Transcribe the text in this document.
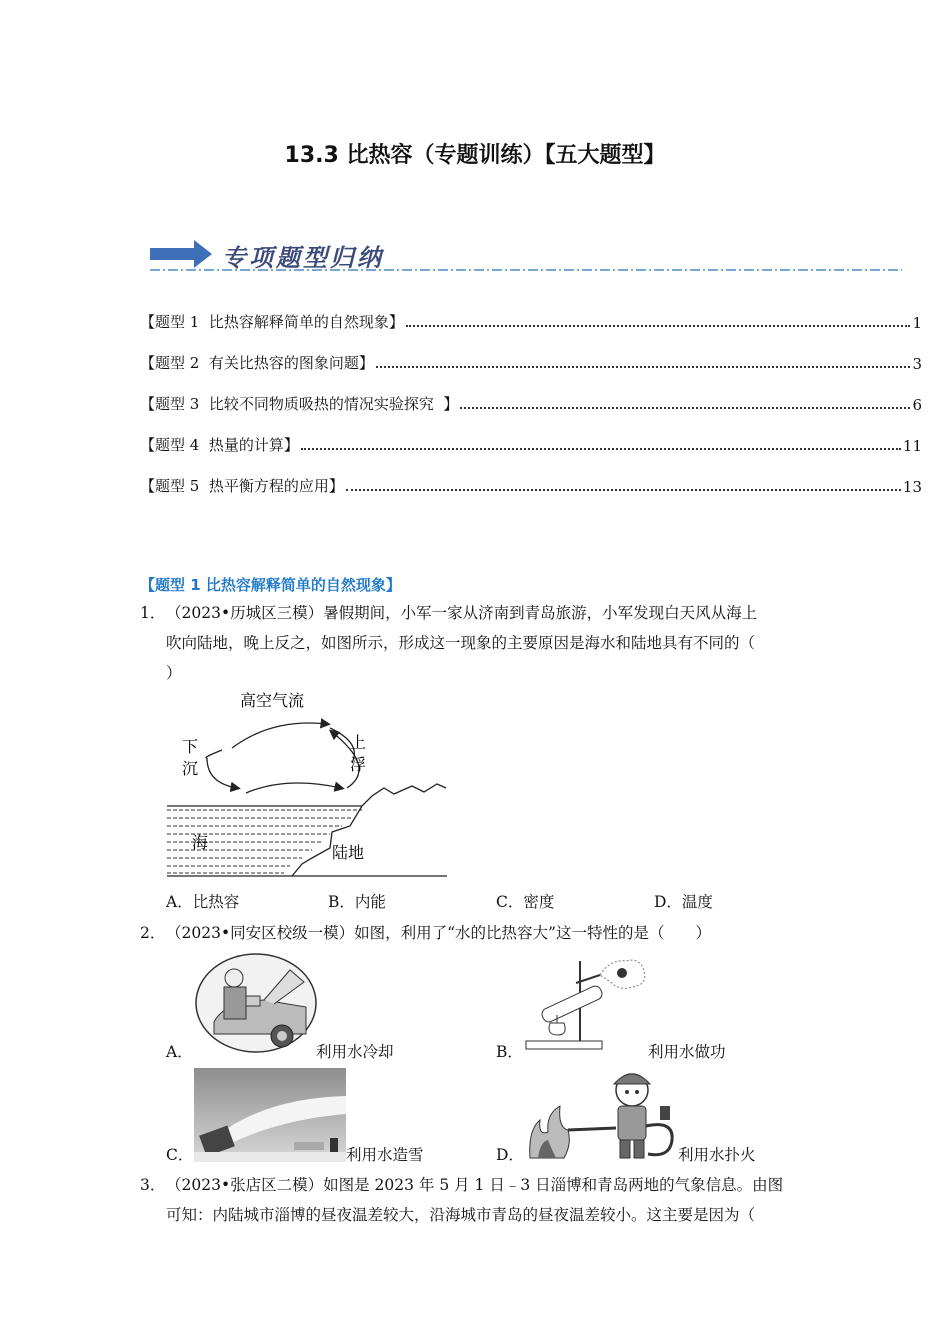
13.3 比热容（专题训练）【五大题型】
专项题型归纳
【题型 1  比热容解释简单的自然现象】	1
【题型 2  有关比热容的图象问题】	3
【题型 3  比较不同物质吸热的情况实验探究  】	6
【题型 4  热量的计算】	11
【题型 5  热平衡方程的应用】	13
【题型 1 比热容解释简单的自然现象】
1．（2023•历城区三模）暑假期间，小军一家从济南到青岛旅游，小军发现白天风从海上
吹向陆地，晚上反之，如图所示，形成这一现象的主要原因是海水和陆地具有不同的（
）
高空气流
下
沉
上
浮
海
陆地
A．比热容	B．内能	C．密度	D．温度
2．（2023•同安区校级一模）如图，利用了“水的比热容大”这一特性的是（　　）
A．	利用水冷却	B．	利用水做功
C．	利用水造雪	D．	利用水扑火
3．（2023•张店区二模）如图是 2023 年 5 月 1 日﹣3 日淄博和青岛两地的气象信息。由图
可知：内陆城市淄博的昼夜温差较大，沿海城市青岛的昼夜温差较小。这主要是因为（
